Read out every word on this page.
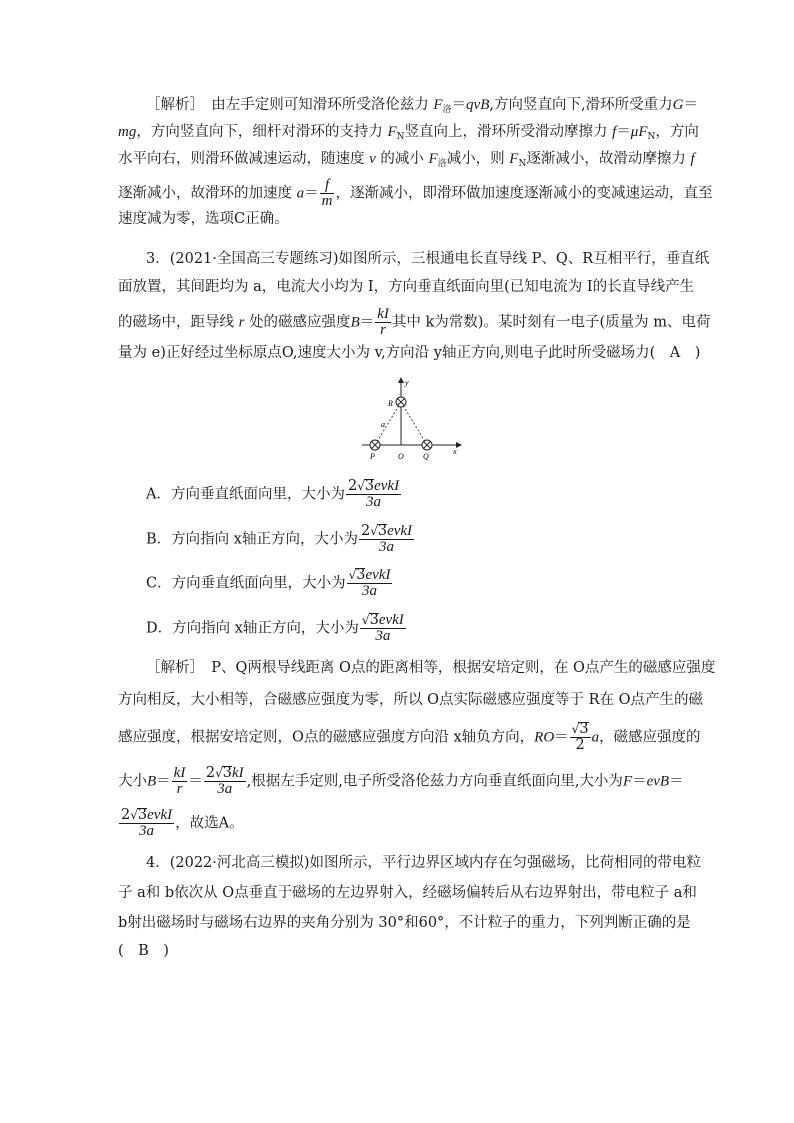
［解析］　由左手定则可知滑环所受洛伦兹力 $F_洛=qvB$,方向竖直向下,滑环所受重力G＝
mg，方向竖直向下，细杆对滑环的支持力 $F_N$竖直向上，滑环所受滑动摩擦力 $f=\mu F_N$，方向
水平向右，则滑环做减速运动，随速度 v 的减小 $F_洛$减小，则 $F_N$逐渐减小，故滑动摩擦力 f
逐渐减小，故滑环的加速度 $a= \frac{f}{m}$ ，逐渐减小，即滑环做加速度逐渐减小的变减速运动，直至
速度减为零，选项C正确。
3．(2021·全国高三专题练习)如图所示，三根通电长直导线 P、Q、R互相平行，垂直纸
面放置，其间距均为 a，电流大小均为 I，方向垂直纸面向里(已知电流为 I的长直导线产生
的磁场中，距导线 r 处的磁感应强度$B= \frac{kI}{r}$ 其中 k为常数)。某时刻有一电子(质量为 m、电荷
量为 e)正好经过坐标原点O,速度大小为 v,方向沿 y轴正方向,则电子此时所受磁场力(　A　)
y
x
R
P	O Q
a
A．方向垂直纸面向里，大小为 $\frac{\text{2√3evkI}}{3a}$
B．方向指向 x轴正方向，大小为 $\frac{\text{2√3evkI}}{3a}$
C．方向垂直纸面向里，大小为 $\frac{\text{√3evkI}}{3a}$
D．方向指向 x轴正方向，大小为 $\frac{\text{√3evkI}}{3a}$
［解析］　P、Q两根导线距离 O点的距离相等，根据安培定则，在 O点产生的磁感应强度
方向相反，大小相等，合磁感应强度为零，所以 O点实际磁感应强度等于 R在 O点产生的磁
感应强度，根据安培定则，O点的磁感应强度方向沿 x轴负方向，$RO= \frac{√3}{2}$ a，磁感应强度的
大小$B= \frac{kI}{r} = \frac{2√3kI}{3a}$ ,根据左手定则,电子所受洛伦兹力方向垂直纸面向里,大小为F＝evB＝
$\frac{\text{2√3evkI}}{3a}$ ，故选A。
4．(2022·河北高三模拟)如图所示，平行边界区域内存在匀强磁场，比荷相同的带电粒
子 a和 b依次从 O点垂直于磁场的左边界射入，经磁场偏转后从右边界射出，带电粒子 a和
b射出磁场时与磁场右边界的夹角分别为 30°和60°，不计粒子的重力，下列判断正确的是
(　B　)
